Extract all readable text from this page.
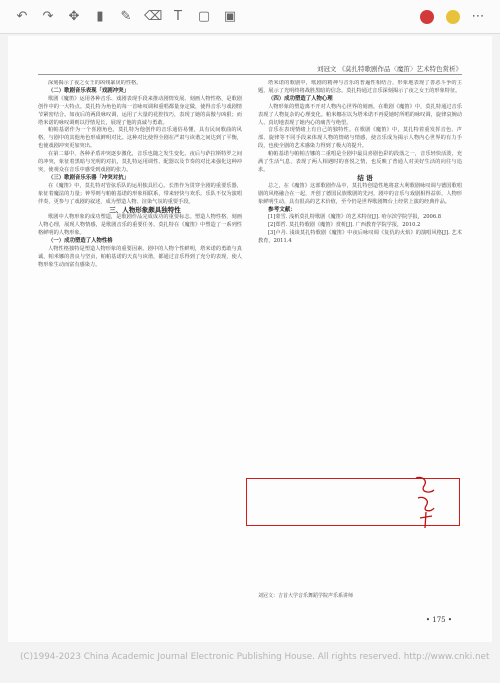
↶ ↷ ✥	▮	✎ ⌫ T	▢ ▣	⋯
刘冠文 《莫扎特歌剧作品〈魔笛〉艺术特色赏析》

深刻揭示了夜之女王的凶残暴戾的性格。

（二）歌剧音乐表现「戏剧冲突」

歌剧《魔笛》运用各种音乐、戏剧表现手段来推动剧情发展、刻画人物性格，是歌剧创作中的一大特点。莫扎特为角色的每一首咏叹调和重唱都量身定做，使得音乐与戏剧情节紧密结合。如夜后的两段咏叹调，运用了大量的花腔技巧，表现了她的高傲与凶狠；而塔米诺的咏叹调则以抒情见长，展现了他的真诚与勇敢。

帕帕基诺作为一个喜剧角色，莫扎特为他创作的音乐通俗易懂，具有民间歌曲的风格，与剧中的其他角色形成鲜明对比。这种对比使得全剧在严肃与诙谐之间达到了平衡，也使戏剧冲突更加突出。

在第二幕中，各种矛盾冲突逐步激化，音乐也随之发生变化。夜后与萨拉斯特罗之间的冲突，象征着黑暗与光明的对抗，莫扎特运用调性、配器以及节奏的对比来强化这种冲突，使观众在音乐中感受到戏剧的张力。

（三）歌剧音乐乐器「冲突对抗」

在《魔笛》中，莫扎特对管弦乐队的运用独具匠心。长笛作为贯穿全剧的重要乐器，象征着魔法的力量；钟琴则与帕帕基诺的形象相联系，带来轻快与欢乐。乐队不仅为演唱伴奏，更参与了戏剧的叙述，成为塑造人物、渲染气氛的重要手段。

三、人物形象颇具独特性

歌剧中人物形象的成功塑造，是歌剧作品完成成功的重要标志。塑造人物性格，刻画人物心理，展现人物情感，是歌剧音乐的重要任务。莫扎特在《魔笛》中塑造了一系列性格鲜明的人物形象。

（一）成功塑造了人物性格

人物性格独特是塑造人物形象的重要因素。剧中的人物个性鲜明，塔米诺的勇敢与真诚，帕米娜的善良与坚贞，帕帕基诺的天真与诙谐，都通过音乐得到了充分的表现，使人物形象生动而富有感染力。

塔米诺的歌剧中，歌剧的精神与音乐的普遍性相结合，形象地表现了善恶斗争的主题，展示了光明终将战胜黑暗的信念。莫扎特通过音乐深刻揭示了夜之女王的形象特征。

（四）成功塑造了人物心理

人物形象的塑造离不开对人物内心世界的刻画。在歌剧《魔笛》中，莫扎特通过音乐表现了人物复杂的心理变化。帕米娜在以为塔米诺不再爱她时所唱的咏叹调，旋律哀婉动人，真切地表现了她内心的痛苦与绝望。

音乐在表现情绪上有自己的独特性。在歌剧《魔笛》中，莫扎特着重发挥音色、声部、旋律等不同手段来体现人物的情绪与情感，使音乐成为揭示人物内心世界的有力手段，也使全剧的艺术感染力得到了极大的提升。

帕帕基诺与帕帕吉娜的二重唱是全剧中最具喜剧色彩的段落之一，音乐轻快活泼，充满了生活气息，表现了两人相遇时的喜悦之情，也反映了普通人对美好生活的向往与追求。

结 语

总之，在《魔笛》这部歌剧作品中，莫扎特创造性地将意大利歌剧咏叹调与德国歌唱剧的风格融合在一起，开创了德国民族歌剧的先河，剧中的音乐与戏剧相得益彰，人物形象鲜明生动，具有很高的艺术价值，至今仍是世界歌剧舞台上经常上演的经典作品。

参考文献：

[1]蒙雪. 浅析莫扎特歌剧《魔笛》的艺术特征[J]. 哈尔滨学院学报，2006.8

[2]郑哲. 莫扎特歌剧《魔笛》赏析[J]. 广西教育学院学报，2010.2

[3]卢丹. 浅谈莫扎特歌剧《魔笛》中夜后咏叹调《复仇的火焰》的演唱风格[J]. 艺术教育，2011.4

刘冠文：吉首大学音乐舞蹈学院声乐系讲师
• 175 •
(C)1994-2023 China Academic Journal Electronic Publishing House. All rights reserved. http://www.cnki.net
